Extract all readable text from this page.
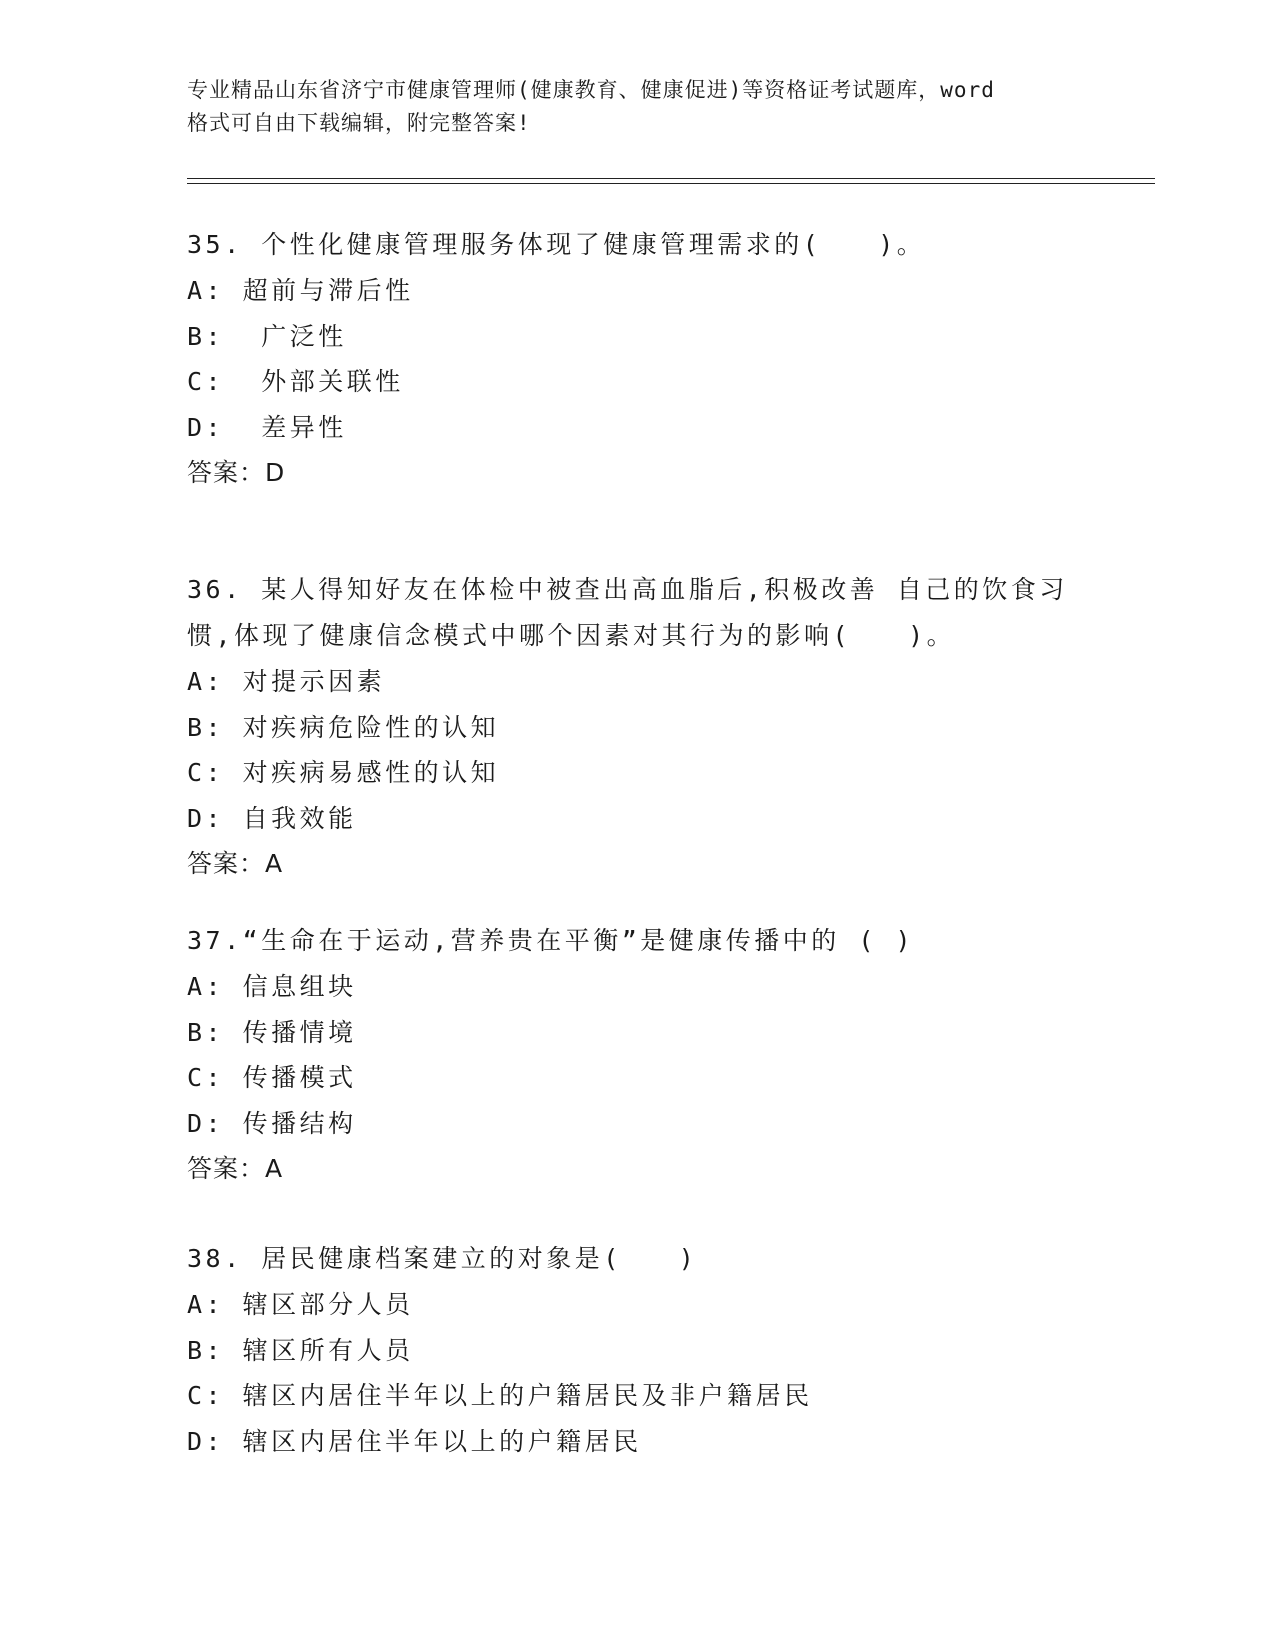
专业精品山东省济宁市健康管理师(健康教育、健康促进)等资格证考试题库，word
格式可自由下载编辑，附完整答案!

35. 个性化健康管理服务体现了健康管理需求的(　　)。

A: 超前与滞后性

B:  广泛性

C:  外部关联性

D:  差异性

答案：D

36. 某人得知好友在体检中被查出高血脂后,积极改善 自己的饮食习

惯,体现了健康信念模式中哪个因素对其行为的影响(　　)。

A: 对提示因素

B: 对疾病危险性的认知

C: 对疾病易感性的认知

D: 自我效能

答案：A

37.“生命在于运动,营养贵在平衡”是健康传播中的 ( )

A: 信息组块

B: 传播情境

C: 传播模式

D: 传播结构

答案：A

38. 居民健康档案建立的对象是(　　)

A: 辖区部分人员

B: 辖区所有人员

C: 辖区内居住半年以上的户籍居民及非户籍居民

D: 辖区内居住半年以上的户籍居民
